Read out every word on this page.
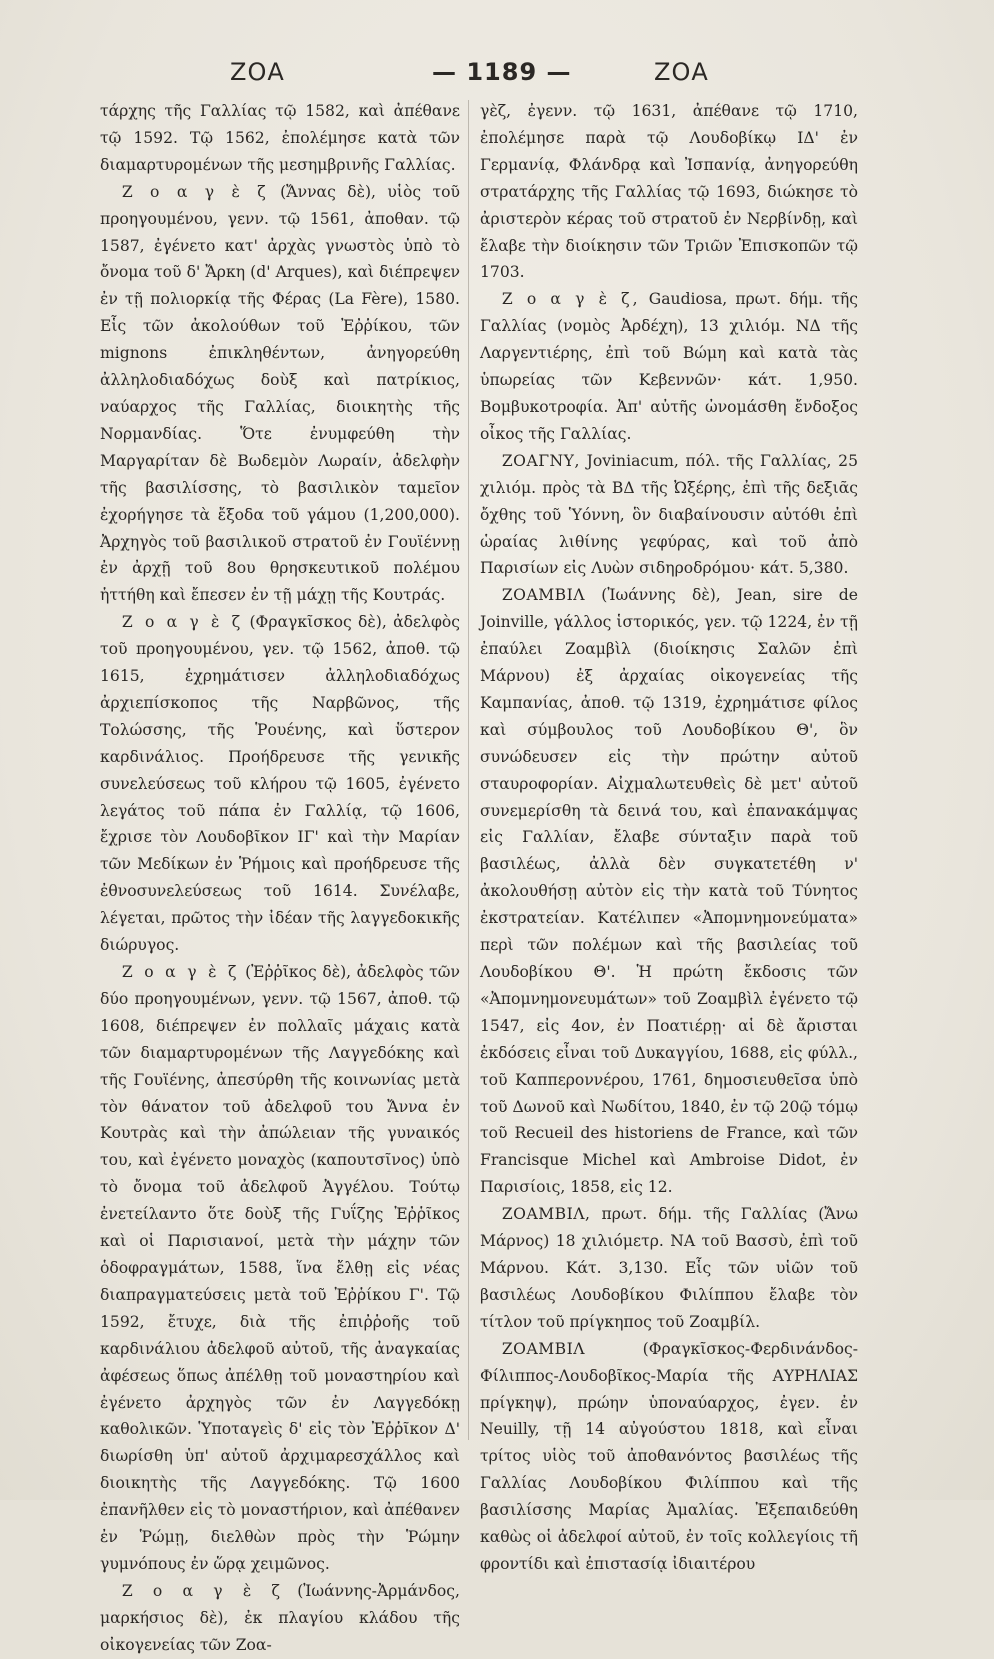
ΖΟΑ	— 1189 —	ΖΟΑ

τάρχης τῆς Γαλλίας τῷ 1582, καὶ ἀπέθανε τῷ 1592. Τῷ 1562, ἐπολέμησε κατὰ τῶν διαμαρτυρομένων τῆς μεσημβρινῆς Γαλλίας.

Ζ ο α γ ὲ ζ (Ἄννας δὲ), υἱὸς τοῦ προηγουμένου, γενν. τῷ 1561, ἀποθαν. τῷ 1587, ἐγένετο κατ' ἀρχὰς γνωστὸς ὑπὸ τὸ ὄνομα τοῦ δ' Ἄρκη (d' Arques), καὶ διέπρεψεν ἐν τῇ πολιορκίᾳ τῆς Φέρας (La Fère), 1580. Εἷς τῶν ἀκολούθων τοῦ Ἐῤῥίκου, τῶν mignons ἐπικληθέντων, ἀνηγορεύθη ἀλληλοδιαδόχως δοὺξ καὶ πατρίκιος, ναύαρχος τῆς Γαλλίας, διοικητὴς τῆς Νορμανδίας. Ὅτε ἐνυμφεύθη τὴν Μαργαρίταν δὲ Βωδεμὸν Λωραίν, ἀδελφὴν τῆς βασιλίσσης, τὸ βασιλικὸν ταμεῖον ἐχορήγησε τὰ ἔξοδα τοῦ γάμου (1,200,000). Ἀρχηγὸς τοῦ βασιλικοῦ στρατοῦ ἐν Γουϊέννῃ ἐν ἀρχῇ τοῦ 8ου θρησκευτικοῦ πολέμου ἡττήθη καὶ ἔπεσεν ἐν τῇ μάχῃ τῆς Κουτράς.

Ζ ο α γ ὲ ζ (Φραγκῖσκος δὲ), ἀδελφὸς τοῦ προηγουμένου, γεν. τῷ 1562, ἀποθ. τῷ 1615, ἐχρημάτισεν ἀλληλοδιαδόχως ἀρχιεπίσκοπος τῆς Ναρβῶνος, τῆς Τολώσσης, τῆς Ῥουένης, καὶ ὕστερον καρδινάλιος. Προήδρευσε τῆς γενικῆς συνελεύσεως τοῦ κλήρου τῷ 1605, ἐγένετο λεγάτος τοῦ πάπα ἐν Γαλλίᾳ, τῷ 1606, ἔχρισε τὸν Λουδοβῖκον ΙΓ' καὶ τὴν Μαρίαν τῶν Μεδίκων ἐν Ῥήμοις καὶ προήδρευσε τῆς ἐθνοσυνελεύσεως τοῦ 1614. Συνέλαβε, λέγεται, πρῶτος τὴν ἰδέαν τῆς λαγγεδοκικῆς διώρυγος.

Ζ ο α γ ὲ ζ (Ἐῤῥῖκος δὲ), ἀδελφὸς τῶν δύο προηγουμένων, γενν. τῷ 1567, ἀποθ. τῷ 1608, διέπρεψεν ἐν πολλαῖς μάχαις κατὰ τῶν διαμαρτυρομένων τῆς Λαγγεδόκης καὶ τῆς Γουϊένης, ἀπεσύρθη τῆς κοινωνίας μετὰ τὸν θάνατον τοῦ ἀδελφοῦ του Ἄννα ἐν Κουτρὰς καὶ τὴν ἀπώλειαν τῆς γυναικός του, καὶ ἐγένετο μοναχὸς (καπουτσῖνος) ὑπὸ τὸ ὄνομα τοῦ ἀδελφοῦ Ἀγγέλου. Τούτῳ ἐνετείλαντο ὅτε δοὺξ τῆς Γυΐζης Ἐῤῥῖκος καὶ οἱ Παρισιανοί, μετὰ τὴν μάχην τῶν ὁδοφραγμάτων, 1588, ἵνα ἔλθῃ εἰς νέας διαπραγματεύσεις μετὰ τοῦ Ἐῤῥίκου Γ'. Τῷ 1592, ἔτυχε, διὰ τῆς ἐπιῤῥοῆς τοῦ καρδινάλιου ἀδελφοῦ αὐτοῦ, τῆς ἀναγκαίας ἀφέσεως ὅπως ἀπέλθῃ τοῦ μοναστηρίου καὶ ἐγένετο ἀρχηγὸς τῶν ἐν Λαγγεδόκῃ καθολικῶν. Ὑποταγεὶς δ' εἰς τὸν Ἐῤῥῖκον Δ' διωρίσθη ὑπ' αὐτοῦ ἀρχιμαρεσχάλλος καὶ διοικητὴς τῆς Λαγγεδόκης. Τῷ 1600 ἐπανῆλθεν εἰς τὸ μοναστήριον, καὶ ἀπέθανεν ἐν Ῥώμῃ, διελθὼν πρὸς τὴν Ῥώμην γυμνόπους ἐν ὥρᾳ χειμῶνος.

Ζ ο α γ ὲ ζ (Ἰωάννης-Ἀρμάνδος, μαρκήσιος δὲ), ἐκ πλαγίου κλάδου τῆς οἰκογενείας τῶν Ζοα-

γὲζ, ἐγενν. τῷ 1631, ἀπέθανε τῷ 1710, ἐπολέμησε παρὰ τῷ Λουδοβίκῳ ΙΔ' ἐν Γερμανίᾳ, Φλάνδρᾳ καὶ Ἰσπανίᾳ, ἀνηγορεύθη στρατάρχης τῆς Γαλλίας τῷ 1693, διώκησε τὸ ἀριστερὸν κέρας τοῦ στρατοῦ ἐν Νερβίνδῃ, καὶ ἔλαβε τὴν διοίκησιν τῶν Τριῶν Ἐπισκοπῶν τῷ 1703.

Ζ ο α γ ὲ ζ, Gaudiosa, πρωτ. δήμ. τῆς Γαλλίας (νομὸς Ἀρδέχη), 13 χιλιόμ. ΝΔ τῆς Λαργεντιέρης, ἐπὶ τοῦ Βώμη καὶ κατὰ τὰς ὑπωρείας τῶν Κεβεννῶν· κάτ. 1,950. Βομβυκοτροφία. Ἀπ' αὐτῆς ὠνομάσθη ἔνδοξος οἶκος τῆς Γαλλίας.

ΖΟΑΓΝΥ, Joviniacum, πόλ. τῆς Γαλλίας, 25 χιλιόμ. πρὸς τὰ ΒΔ τῆς Ὠξέρης, ἐπὶ τῆς δεξιᾶς ὄχθης τοῦ Ὑόννη, ὃν διαβαίνουσιν αὐτόθι ἐπὶ ὡραίας λιθίνης γεφύρας, καὶ τοῦ ἀπὸ Παρισίων εἰς Λυὼν σιδηροδρόμου· κάτ. 5,380.

ΖΟΑΜΒΙΛ (Ἰωάννης δὲ), Jean, sire de Joinville, γάλλος ἱστορικός, γεν. τῷ 1224, ἐν τῇ ἐπαύλει Ζοαμβὶλ (διοίκησις Σαλῶν ἐπὶ Μάρνου) ἐξ ἀρχαίας οἰκογενείας τῆς Καμπανίας, ἀποθ. τῷ 1319, ἐχρημάτισε φίλος καὶ σύμβουλος τοῦ Λουδοβίκου Θ', ὃν συνώδευσεν εἰς τὴν πρώτην αὐτοῦ σταυροφορίαν. Αἰχμαλωτευθεὶς δὲ μετ' αὐτοῦ συνεμερίσθη τὰ δεινά του, καὶ ἐπανακάμψας εἰς Γαλλίαν, ἔλαβε σύνταξιν παρὰ τοῦ βασιλέως, ἀλλὰ δὲν συγκατετέθη ν' ἀκολουθήσῃ αὐτὸν εἰς τὴν κατὰ τοῦ Τύνητος ἐκστρατείαν. Κατέλιπεν «Ἀπομνημονεύματα» περὶ τῶν πολέμων καὶ τῆς βασιλείας τοῦ Λουδοβίκου Θ'. Ἡ πρώτη ἔκδοσις τῶν «Ἀπομνημονευμάτων» τοῦ Ζοαμβὶλ ἐγένετο τῷ 1547, εἰς 4ον, ἐν Ποατιέρῃ· αἱ δὲ ἄρισται ἐκδόσεις εἶναι τοῦ Δυκαγγίου, 1688, εἰς φύλλ., τοῦ Καππεροννέρου, 1761, δημοσιευθεῖσα ὑπὸ τοῦ Δωνοῦ καὶ Νωδίτου, 1840, ἐν τῷ 20ῷ τόμῳ τοῦ Recueil des historiens de France, καὶ τῶν Francisque Michel καὶ Ambroise Didot, ἐν Παρισίοις, 1858, εἰς 12.

ΖΟΑΜΒΙΛ, πρωτ. δήμ. τῆς Γαλλίας (Ἄνω Μάρνος) 18 χιλιόμετρ. ΝΑ τοῦ Βασσὺ, ἐπὶ τοῦ Μάρνου. Κάτ. 3,130. Εἷς τῶν υἱῶν τοῦ βασιλέως Λουδοβίκου Φιλίππου ἔλαβε τὸν τίτλον τοῦ πρίγκηπος τοῦ Ζοαμβίλ.

ΖΟΑΜΒΙΛ	(Φραγκῖσκος-Φερδινάνδος-Φίλιππος-Λουδοβῖκος-Μαρία τῆς ΑΥΡΗΛΙΑΣ πρίγκηψ), πρώην ὑποναύαρχος, ἐγεν. ἐν Neuilly, τῇ 14 αὐγούστου 1818, καὶ εἶναι τρίτος υἱὸς τοῦ ἀποθανόντος βασιλέως τῆς Γαλλίας Λουδοβίκου Φιλίππου καὶ τῆς βασιλίσσης Μαρίας Ἀμαλίας. Ἐξεπαιδεύθη καθὼς οἱ ἀδελφοί αὐτοῦ, ἐν τοῖς κολλεγίοις τῆ φροντίδι καὶ ἐπιστασίᾳ ἰδιαιτέρου
